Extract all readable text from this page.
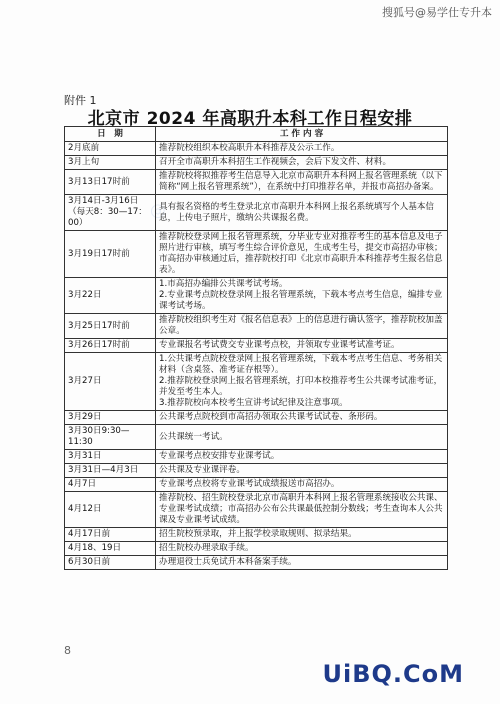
◎
搜狐号@易学仕专升本
附件 1
北京市 2024 年高职升本科工作日程安排
日　期	工 作 内 容
2月底前	推荐院校组织本校高职升本科推荐及公示工作。
3月上旬	召开全市高职升本科招生工作视频会，会后下发文件、材料。
3月13日17时前	推荐院校将拟推荐考生信息导入北京市高职升本科网上报名管理系统（以下简称“网上报名管理系统”），在系统中打印推荐名单，并报市高招办备案。
3月14日-3月16日（每天8：30—17：00）	具有报名资格的考生登录北京市高职升本科网上报名系统填写个人基本信息，上传电子照片，缴纳公共课报名费。
3月19日17时前	推荐院校登录网上报名管理系统，分毕业专业对推荐考生的基本信息及电子照片进行审核，填写考生综合评价意见，生成考生号，提交市高招办审核；市高招办审核通过后，推荐院校打印《北京市高职升本科推荐考生报名信息表》。
3月22日	1.市高招办编排公共课考试考场。
2.专业课考点院校登录网上报名管理系统，下载本考点考生信息，编排专业课考试考场。
3月25日17时前	推荐院校组织考生对《报名信息表》上的信息进行确认签字，推荐院校加盖公章。
3月26日17时前	专业课报名考试费交专业课考点校，并领取专业课考试准考证。
3月27日	1.公共课考点院校登录网上报名管理系统，下载本考点考生信息、考务相关材料（含桌签、准考证存根等）。
2.推荐院校登录网上报名管理系统，打印本校推荐考生公共课考试准考证，并发至考生本人。
3.推荐院校向本校考生宣讲考试纪律及注意事项。
3月29日	公共课考点院校到市高招办领取公共课考试试卷、条形码。
3月30日9:30—11:30	公共课统一考试。
3月31日	专业课考点校安排专业课考试。
3月31日—4月3日	公共课及专业课评卷。
4月7日	专业课考点校将专业课考试成绩报送市高招办。
4月12日	推荐院校、招生院校登录北京市高职升本科网上报名管理系统接收公共课、专业课考试成绩；市高招办公布公共课最低控制分数线；考生查询本人公共课及专业课考试成绩。
4月17日前	招生院校预录取，并上报学校录取规则、拟录结果。
4月18、19日	招生院校办理录取手续。
6月30日前	办理退役士兵免试升本科备案手续。
8
UiBQ.CoM
